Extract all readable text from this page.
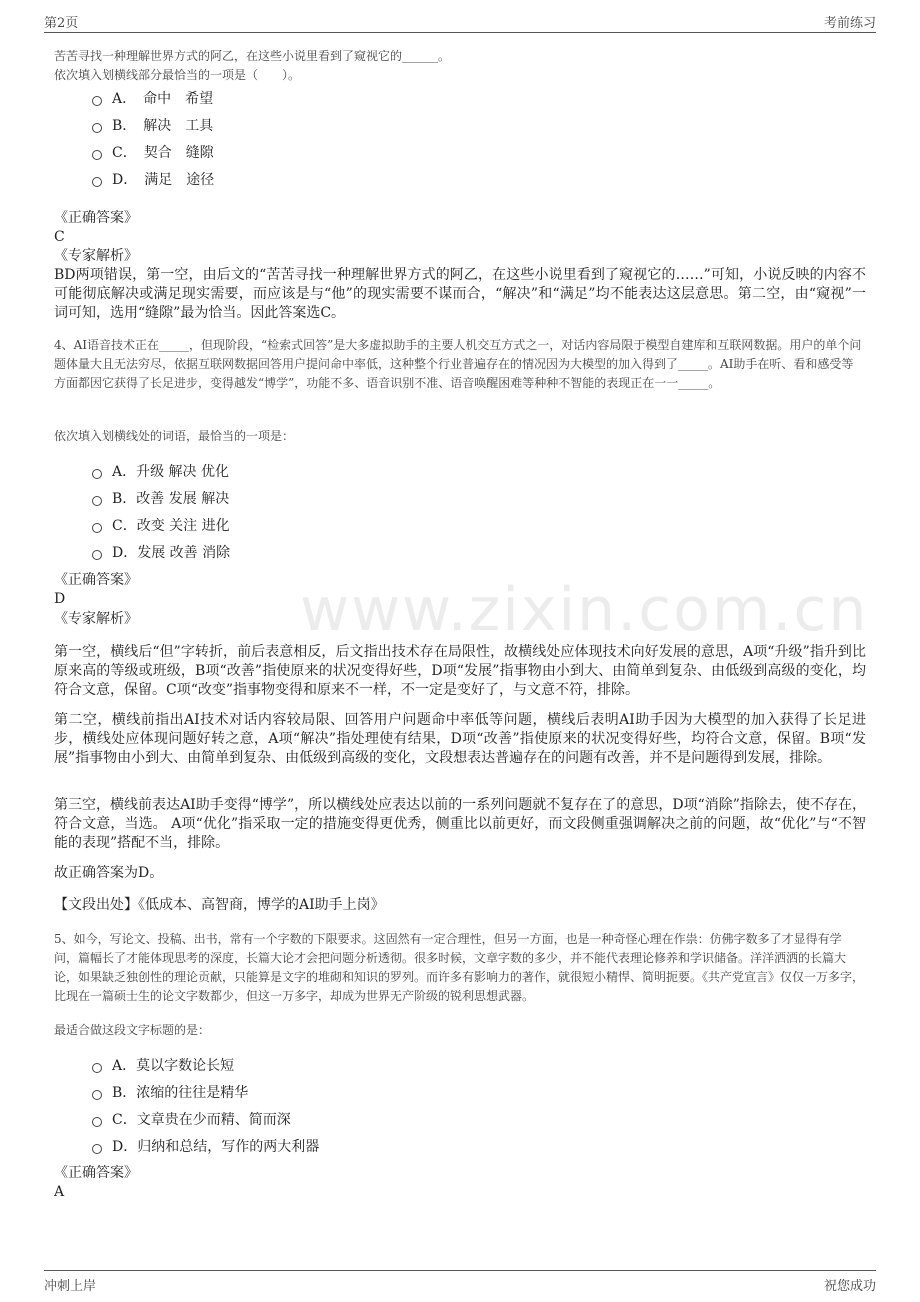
第2页	考前练习
www.zixin.com.cn
苦苦寻找一种理解世界方式的阿乙，在这些小说里看到了窥视它的______。
依次填入划横线部分最恰当的一项是（　　）。
A．　命中　希望
B．　解决　工具
C．　契合　缝隙
D．　满足　途径
《正确答案》
C
《专家解析》
BD两项错误，第一空，由后文的“苦苦寻找一种理解世界方式的阿乙，在这些小说里看到了窥视它的……”可知，小说反映的内容不可能彻底解决或满足现实需要，而应该是与“他”的现实需要不谋而合，“解决”和“满足”均不能表达这层意思。第二空，由“窥视”一词可知，选用“缝隙”最为恰当。因此答案选C。
4、AI语音技术正在_____，但现阶段，“检索式回答”是大多虚拟助手的主要人机交互方式之一，对话内容局限于模型自建库和互联网数据。用户的单个问题体量大且无法穷尽，依据互联网数据回答用户提问命中率低，这种整个行业普遍存在的情况因为大模型的加入得到了_____。AI助手在听、看和感受等方面都因它获得了长足进步，变得越发“博学”，功能不多、语音识别不准、语音唤醒困难等种种不智能的表现正在一一_____。
依次填入划横线处的词语，最恰当的一项是：
A．升级 解决 优化
B．改善 发展 解决
C．改变 关注 进化
D．发展 改善 消除
《正确答案》
D
《专家解析》
第一空，横线后“但”字转折，前后表意相反，后文指出技术存在局限性，故横线处应体现技术向好发展的意思，A项“升级”指升到比原来高的等级或班级，B项“改善”指使原来的状况变得好些，D项“发展”指事物由小到大、由简单到复杂、由低级到高级的变化，均符合文意，保留。C项“改变”指事物变得和原来不一样，不一定是变好了，与文意不符，排除。
第二空，横线前指出AI技术对话内容较局限、回答用户问题命中率低等问题，横线后表明AI助手因为大模型的加入获得了长足进步，横线处应体现问题好转之意，A项“解决”指处理使有结果，D项“改善”指使原来的状况变得好些，均符合文意，保留。B项“发展”指事物由小到大、由简单到复杂、由低级到高级的变化，文段想表达普遍存在的问题有改善，并不是问题得到发展，排除。
第三空，横线前表达AI助手变得“博学”，所以横线处应表达以前的一系列问题就不复存在了的意思，D项“消除”指除去，使不存在，符合文意，当选。 A项“优化”指采取一定的措施变得更优秀，侧重比以前更好，而文段侧重强调解决之前的问题，故“优化”与“不智能的表现”搭配不当，排除。
故正确答案为D。
【文段出处】《低成本、高智商，博学的AI助手上岗》
5、如今，写论文、投稿、出书，常有一个字数的下限要求。这固然有一定合理性，但另一方面，也是一种奇怪心理在作祟：仿佛字数多了才显得有学问，篇幅长了才能体现思考的深度，长篇大论才会把问题分析透彻。很多时候，文章字数的多少，并不能代表理论修养和学识储备。洋洋洒洒的长篇大论，如果缺乏独创性的理论贡献，只能算是文字的堆砌和知识的罗列。而许多有影响力的著作，就很短小精悍、简明扼要。《共产党宣言》仅仅一万多字，比现在一篇硕士生的论文字数都少，但这一万多字，却成为世界无产阶级的锐利思想武器。
最适合做这段文字标题的是：
A．莫以字数论长短
B．浓缩的往往是精华
C．文章贵在少而精、简而深
D．归纳和总结，写作的两大利器
《正确答案》
A
冲刺上岸	祝您成功
